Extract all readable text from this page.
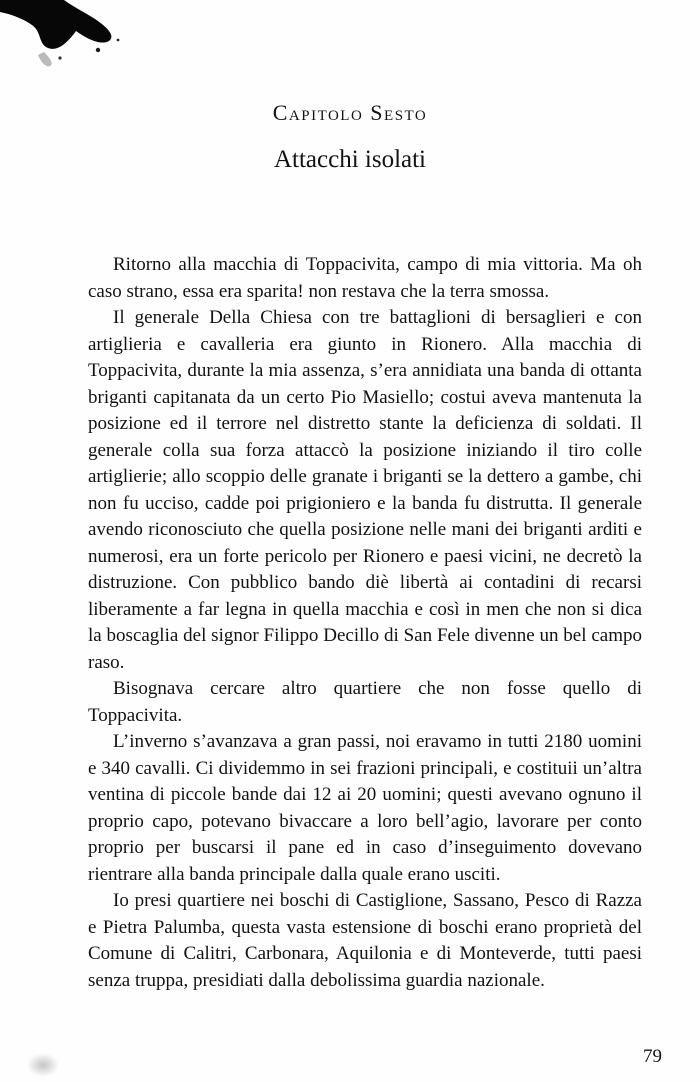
Capitolo Sesto
Attacchi isolati

Ritorno alla macchia di Toppacivita, campo di mia vittoria. Ma oh caso strano, essa era sparita! non restava che la terra smossa.

Il generale Della Chiesa con tre battaglioni di bersaglieri e con artiglieria e cavalleria era giunto in Rionero. Alla macchia di Toppacivita, durante la mia assenza, s’era annidiata una banda di ottanta briganti capitanata da un certo Pio Masiello; costui aveva mantenuta la posizione ed il terrore nel distretto stante la deficienza di soldati. Il generale colla sua forza attaccò la posizione iniziando il tiro colle artiglierie; allo scoppio delle granate i briganti se la dettero a gambe, chi non fu ucciso, cadde poi prigioniero e la banda fu distrutta. Il generale avendo riconosciuto che quella posizione nelle mani dei briganti arditi e numerosi, era un forte pericolo per Rionero e paesi vicini, ne decretò la distruzione. Con pubblico bando diè libertà ai contadini di recarsi liberamente a far legna in quella macchia e così in men che non si dica la boscaglia del signor Filippo Decillo di San Fele divenne un bel campo raso.

Bisognava cercare altro quartiere che non fosse quello di Toppacivita.

L’inverno s’avanzava a gran passi, noi eravamo in tutti 2180 uomini e 340 cavalli. Ci dividemmo in sei frazioni principali, e costituii un’altra ventina di piccole bande dai 12 ai 20 uomini; questi avevano ognuno il proprio capo, potevano bivaccare a loro bell’agio, lavorare per conto proprio per buscarsi il pane ed in caso d’inseguimento dovevano rientrare alla banda principale dalla quale erano usciti.

Io presi quartiere nei boschi di Castiglione, Sassano, Pesco di Razza e Pietra Palumba, questa vasta estensione di boschi erano proprietà del Comune di Calitri, Carbonara, Aquilonia e di Monteverde, tutti paesi senza truppa, presidiati dalla debolissima guardia nazionale.

79
